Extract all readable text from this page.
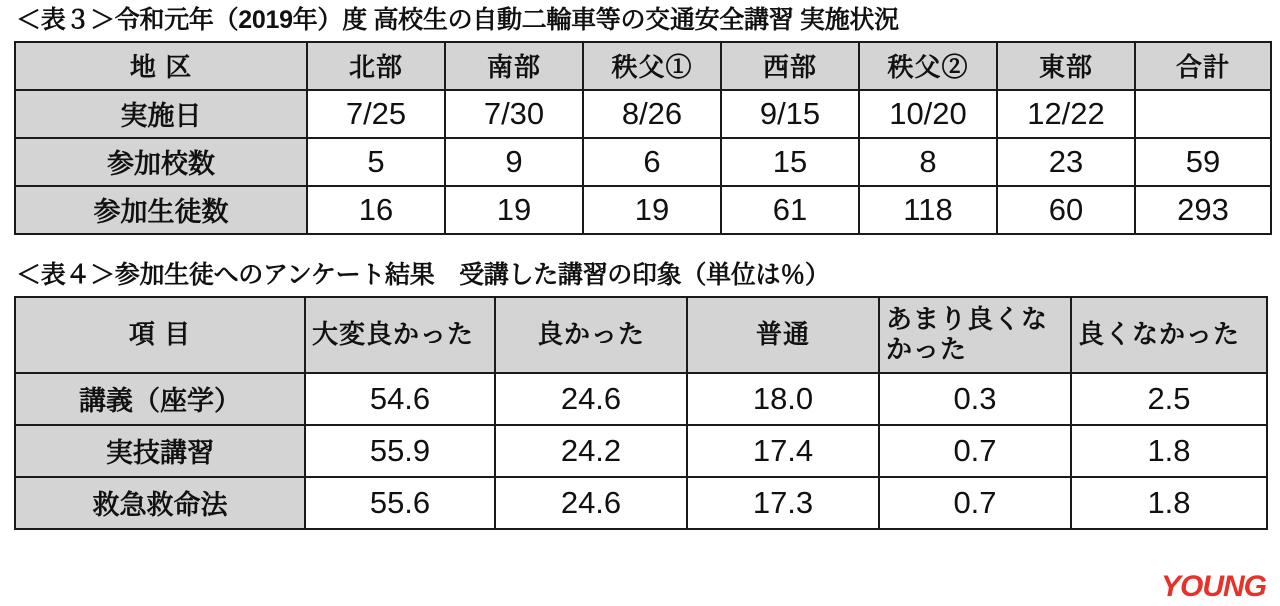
＜表３＞令和元年（2019年）度 高校生の自動二輪車等の交通安全講習 実施状況
地 区	北部	南部	秩父①	西部	秩父②	東部	合計
実施日	7/25	7/30	8/26	9/15	10/20	12/22	
参加校数	5	9	6	15	8	23	59
参加生徒数	16	19	19	61	118	60	293
＜表４＞参加生徒へのアンケート結果　受講した講習の印象（単位は％）
項 目	大変良かった	良かった	普通	あまり良くなかった	良くなかった
講義（座学）	54.6	24.6	18.0	0.3	2.5
実技講習	55.9	24.2	17.4	0.7	1.8
救急救命法	55.6	24.6	17.3	0.7	1.8
YOUNG
